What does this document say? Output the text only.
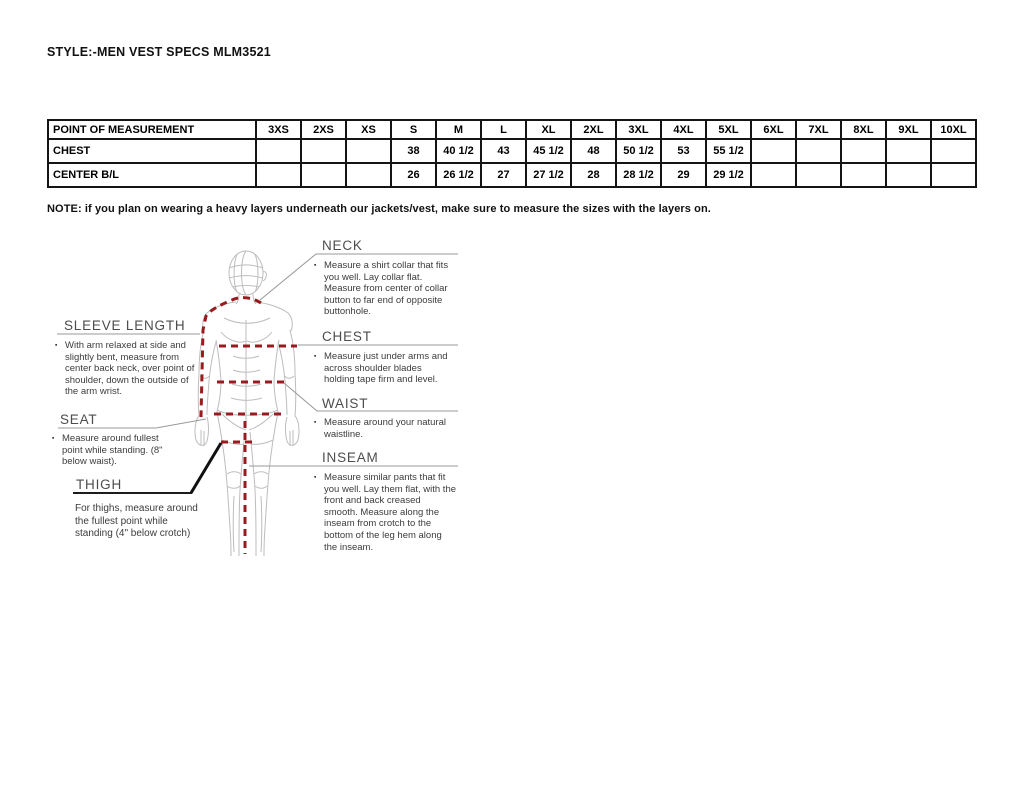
STYLE:-MEN VEST SPECS MLM3521
POINT OF MEASUREMENT	3XS	2XS	XS	S	M	L	XL	2XL	3XL	4XL	5XL	6XL	7XL	8XL	9XL	10XL
CHEST				38	40 1/2	43	45 1/2	48	50 1/2	53	55 1/2					
CENTER B/L				26	26 1/2	27	27 1/2	28	28 1/2	29	29 1/2					
NOTE: if you plan on wearing a heavy layers underneath our jackets/vest, make sure to measure the sizes with the layers on.
NECK
▪ Measure a shirt collar that fits you well. Lay collar flat. Measure from center of collar button to far end of opposite buttonhole.
SLEEVE LENGTH
▪ With arm relaxed at side and slightly bent, measure from center back neck, over point of shoulder, down the outside of the arm wrist.
CHEST
▪ Measure just under arms and across shoulder blades holding tape firm and level.
SEAT
▪ Measure around fullest point while standing. (8" below waist).
WAIST
▪ Measure around your natural waistline.
THIGH
For thighs, measure around the fullest point while standing (4" below crotch)
INSEAM
▪ Measure similar pants that fit you well. Lay them flat, with the front and back creased smooth. Measure along the inseam from crotch to the bottom of the leg hem along the inseam.
